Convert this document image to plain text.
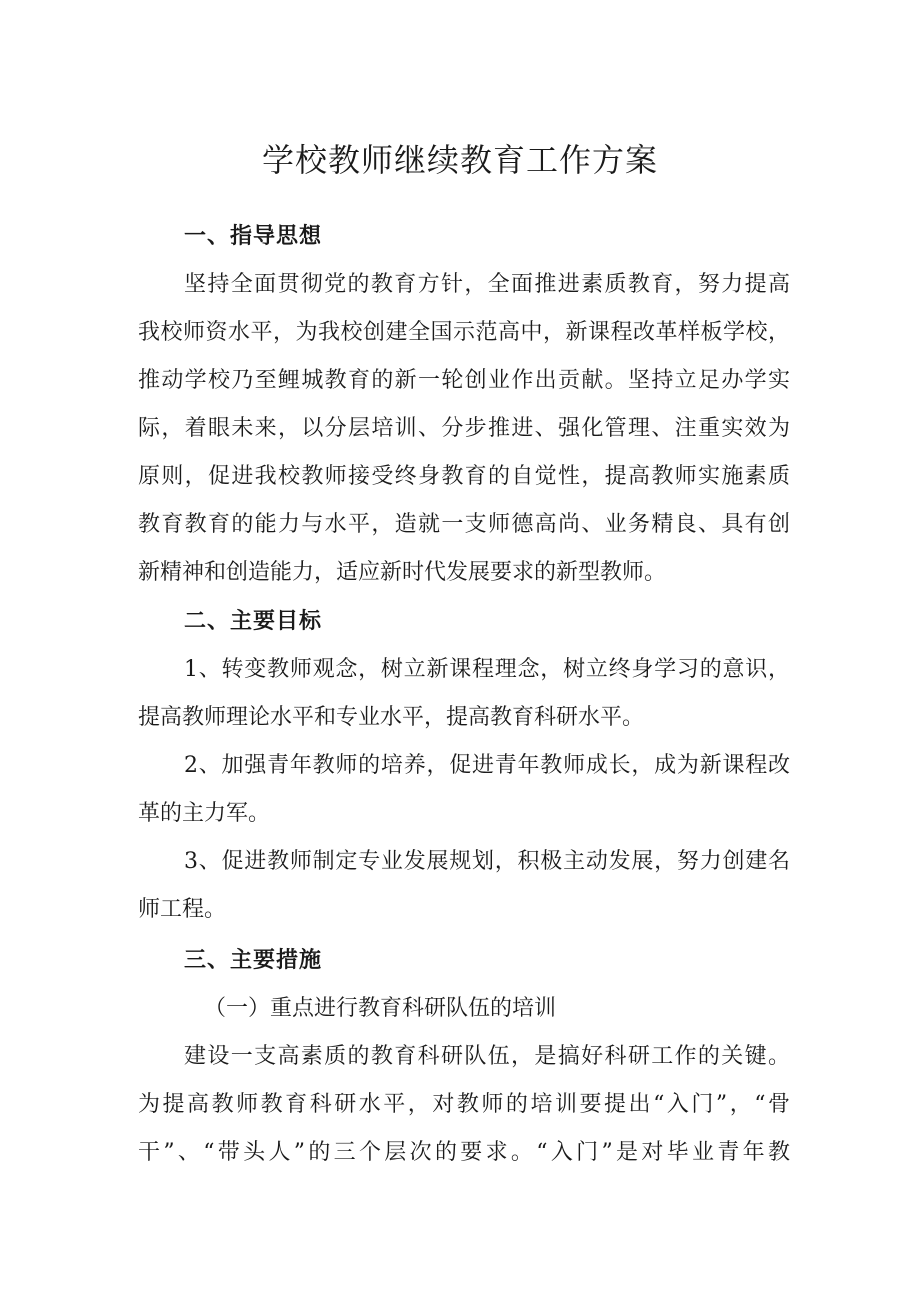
学校教师继续教育工作方案
一、指导思想
坚持全面贯彻党的教育方针，全面推进素质教育，努力提高
我校师资水平，为我校创建全国示范高中，新课程改革样板学校，
推动学校乃至鲤城教育的新一轮创业作出贡献。坚持立足办学实
际，着眼未来，以分层培训、分步推进、强化管理、注重实效为
原则，促进我校教师接受终身教育的自觉性，提高教师实施素质
教育教育的能力与水平，造就一支师德高尚、业务精良、具有创
新精神和创造能力，适应新时代发展要求的新型教师。
二、主要目标
1、转变教师观念，树立新课程理念，树立终身学习的意识，
提高教师理论水平和专业水平，提高教育科研水平。
2、加强青年教师的培养，促进青年教师成长，成为新课程改
革的主力军。
3、促进教师制定专业发展规划，积极主动发展，努力创建名
师工程。
三、主要措施
（一）重点进行教育科研队伍的培训
建设一支高素质的教育科研队伍，是搞好科研工作的关键。
为提高教师教育科研水平，对教师的培训要提出“入门”，“骨
干”、“带头人”的三个层次的要求。“入门”是对毕业青年教
